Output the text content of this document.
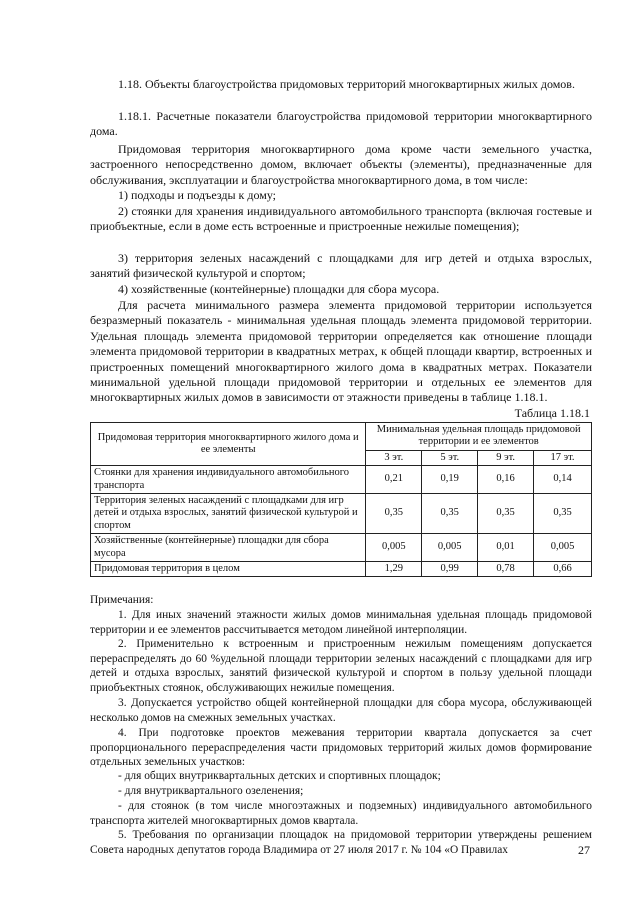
1.18. Объекты благоустройства придомовых территорий многоквартирных жилых домов.
1.18.1. Расчетные показатели благоустройства придомовой территории многоквартирного дома.
Придомовая территория многоквартирного дома кроме части земельного участка, застроенного непосредственно домом, включает объекты (элементы), предназначенные для обслуживания, эксплуатации и благоустройства многоквартирного дома, в том числе:
1) подходы и подъезды к дому;
2) стоянки для хранения индивидуального автомобильного транспорта (включая гостевые и приобъектные, если в доме есть встроенные и пристроенные нежилые помещения);
3) территория зеленых насаждений с площадками для игр детей и отдыха взрослых, занятий физической культурой и спортом;
4) хозяйственные (контейнерные) площадки для сбора мусора.
Для расчета минимального размера элемента придомовой территории используется безразмерный показатель - минимальная удельная площадь элемента придомовой территории. Удельная площадь элемента придомовой территории определяется как отношение площади элемента придомовой территории в квадратных метрах, к общей площади квартир, встроенных и пристроенных помещений многоквартирного жилого дома в квадратных метрах. Показатели минимальной удельной площади придомовой территории и отдельных ее элементов для многоквартирных жилых домов в зависимости от этажности приведены в таблице 1.18.1.
Таблица 1.18.1
Придомовая территория многоквартирного жилого дома и ее элементы	Минимальная удельная площадь придомовой территории и ее элементов			
	3 эт.	5 эт.	9 эт.	17 эт.
Стоянки для хранения индивидуального автомобильного транспорта	0,21	0,19	0,16	0,14
Территория зеленых насаждений с площадками для игр детей и отдыха взрослых, занятий физической культурой и спортом	0,35	0,35	0,35	0,35
Хозяйственные (контейнерные) площадки для сбора мусора	0,005	0,005	0,01	0,005
Придомовая территория в целом	1,29	0,99	0,78	0,66
Примечания:
1. Для иных значений этажности жилых домов минимальная удельная площадь придомовой территории и ее элементов рассчитывается методом линейной интерполяции.
2. Применительно к встроенным и пристроенным нежилым помещениям допускается перераспределять до 60 %удельной площади территории зеленых насаждений с площадками для игр детей и отдыха взрослых, занятий физической культурой и спортом в пользу удельной площади приобъектных стоянок, обслуживающих нежилые помещения.
3. Допускается устройство общей контейнерной площадки для сбора мусора, обслуживающей несколько домов на смежных земельных участках.
4. При подготовке проектов межевания территории квартала допускается за счет пропорционального перераспределения части придомовых территорий жилых домов формирование отдельных земельных участков:
- для общих внутриквартальных детских и спортивных площадок;
- для внутриквартального озеленения;
- для стоянок (в том числе многоэтажных и подземных) индивидуального автомобильного транспорта жителей многоквартирных домов квартала.
5. Требования по организации площадок на придомовой территории утверждены решением Совета народных депутатов города Владимира от 27 июля 2017 г. № 104 «О Правилах	27
